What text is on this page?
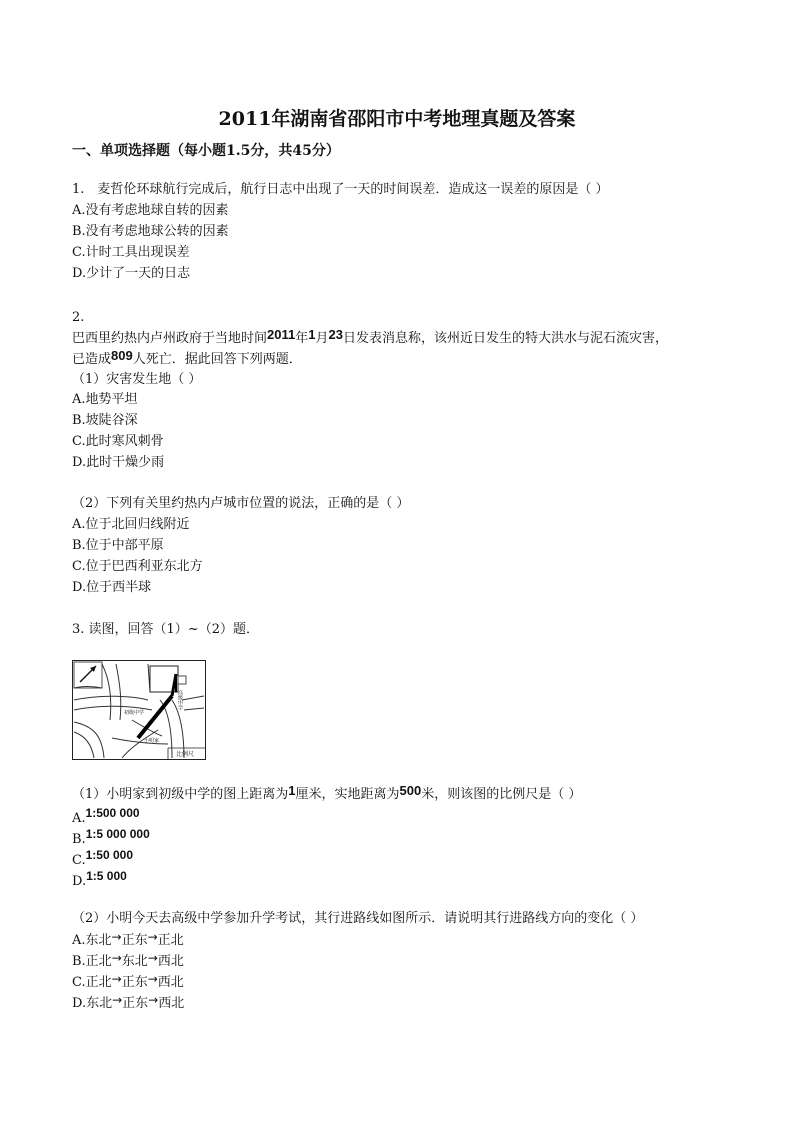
2011年湖南省邵阳市中考地理真题及答案
一、单项选择题（每小题1.5分，共45分）
1.　麦哲伦环球航行完成后，航行日志中出现了一天的时间误差．造成这一误差的原因是（ ）
A.没有考虑地球自转的因素
B.没有考虑地球公转的因素
C.计时工具出现误差
D.少计了一天的日志
2.
巴西里约热内卢州政府于当地时间2011年1月23日发表消息称，该州近日发生的特大洪水与泥石流灾害，
已造成809人死亡．据此回答下列两题．
（1）灾害发生地（ ）
A.地势平坦
B.坡陡谷深
C.此时寒风刺骨
D.此时干燥少雨
（2）下列有关里约热内卢城市位置的说法，正确的是（ ）
A.位于北回归线附近
B.位于中部平原
C.位于巴西利亚东北方
D.位于西半球
3. 读图，回答（1）~（2）题．
高级中学
初级中学
小明家
比例尺
（1）小明家到初级中学的图上距离为1厘米，实地距离为500米，则该图的比例尺是（ ）
A.1:500 000
B.1:5 000 000
C.1:50 000
D.1:5 000
（2）小明今天去高级中学参加升学考试，其行进路线如图所示．请说明其行进路线方向的变化（ ）
A.东北→正东→正北
B.正北→东北→西北
C.正北→正东→西北
D.东北→正东→西北
